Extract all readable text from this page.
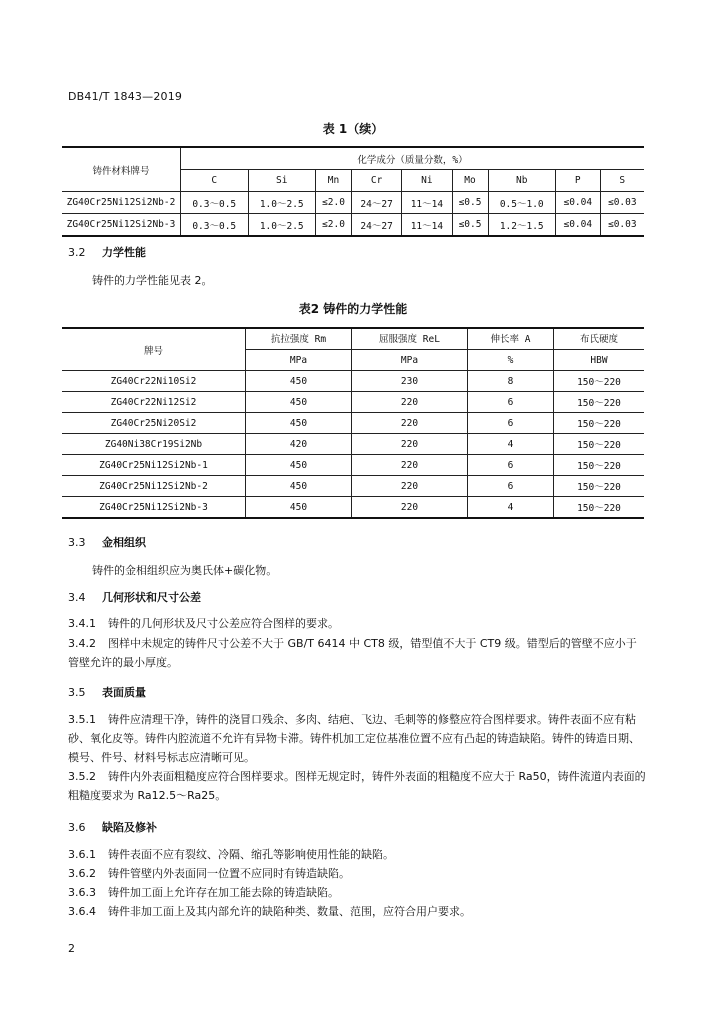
DB41/T 1843—2019
表 1（续）
铸件材料牌号	化学成分（质量分数，%）								
	C	Si	Mn	Cr	Ni	Mo	Nb	P	S
ZG40Cr25Ni12Si2Nb-2	0.3～0.5	1.0～2.5	≤2.0	24～27	11～14	≤0.5	0.5～1.0	≤0.04	≤0.03
ZG40Cr25Ni12Si2Nb-3	0.3～0.5	1.0～2.5	≤2.0	24～27	11～14	≤0.5	1.2～1.5	≤0.04	≤0.03
3.2 力学性能
铸件的力学性能见表 2。
表2 铸件的力学性能
牌号	抗拉强度 Rm	屈服强度 ReL	伸长率 A	布氏硬度
	MPa	MPa	%	HBW
ZG40Cr22Ni10Si2	450	230	8	150～220
ZG40Cr22Ni12Si2	450	220	6	150～220
ZG40Cr25Ni20Si2	450	220	6	150～220
ZG40Ni38Cr19Si2Nb	420	220	4	150～220
ZG40Cr25Ni12Si2Nb-1	450	220	6	150～220
ZG40Cr25Ni12Si2Nb-2	450	220	6	150～220
ZG40Cr25Ni12Si2Nb-3	450	220	4	150～220
3.3 金相组织
铸件的金相组织应为奥氏体+碳化物。
3.4 几何形状和尺寸公差
3.4.1 铸件的几何形状及尺寸公差应符合图样的要求。
3.4.2 图样中未规定的铸件尺寸公差不大于 GB/T 6414 中 CT8 级，错型值不大于 CT9 级。错型后的管壁不应小于管壁允许的最小厚度。
3.5 表面质量
3.5.1 铸件应清理干净，铸件的浇冒口残余、多肉、结疤、飞边、毛刺等的修整应符合图样要求。铸件表面不应有粘砂、氧化皮等。铸件内腔流道不允许有异物卡滞。铸件机加工定位基准位置不应有凸起的铸造缺陷。铸件的铸造日期、模号、件号、材料号标志应清晰可见。
3.5.2 铸件内外表面粗糙度应符合图样要求。图样无规定时，铸件外表面的粗糙度不应大于 Ra50，铸件流道内表面的粗糙度要求为 Ra12.5～Ra25。
3.6 缺陷及修补
3.6.1 铸件表面不应有裂纹、冷隔、缩孔等影响使用性能的缺陷。
3.6.2 铸件管壁内外表面同一位置不应同时有铸造缺陷。
3.6.3 铸件加工面上允许存在加工能去除的铸造缺陷。
3.6.4 铸件非加工面上及其内部允许的缺陷种类、数量、范围，应符合用户要求。
2
